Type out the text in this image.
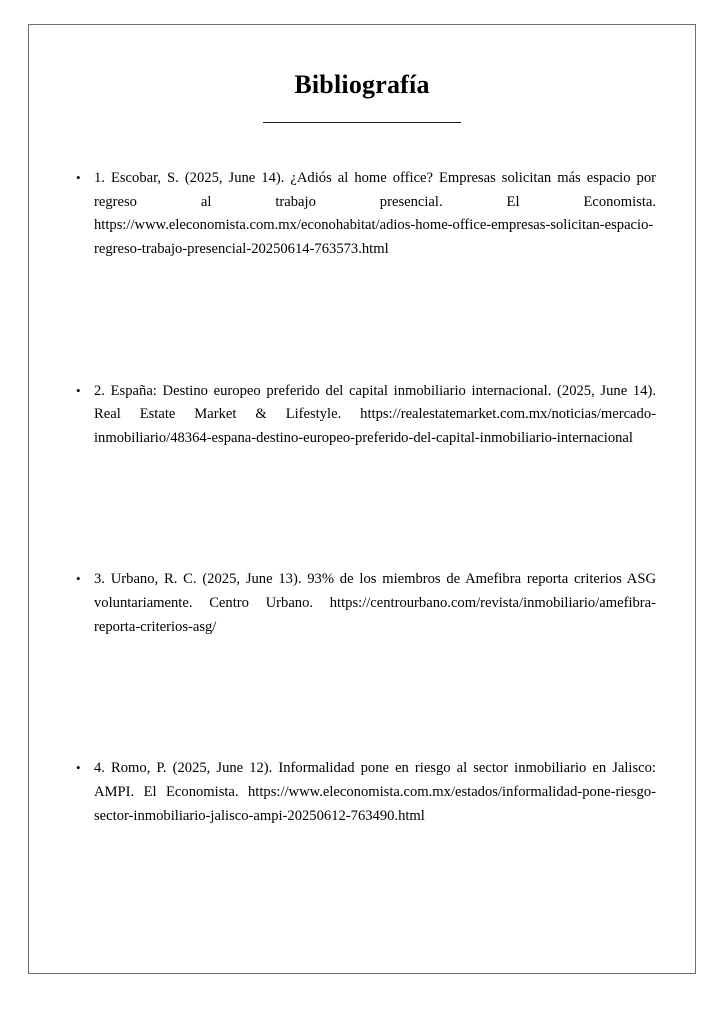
Bibliografía
• 1. Escobar, S. (2025, June 14). ¿Adiós al home office? Empresas solicitan más espacio por regreso al trabajo presencial. El Economista. https://www.eleconomista.com.mx/econohabitat/adios-home-office-empresas-solicitan-espacio-regreso-trabajo-presencial-20250614-763573.html
• 2. España: Destino europeo preferido del capital inmobiliario internacional. (2025, June 14). Real Estate Market & Lifestyle. https://realestatemarket.com.mx/noticias/mercado-inmobiliario/48364-espana-destino-europeo-preferido-del-capital-inmobiliario-internacional
• 3. Urbano, R. C. (2025, June 13). 93% de los miembros de Amefibra reporta criterios ASG voluntariamente. Centro Urbano. https://centrourbano.com/revista/inmobiliario/amefibra-reporta-criterios-asg/
• 4. Romo, P. (2025, June 12). Informalidad pone en riesgo al sector inmobiliario en Jalisco: AMPI. El Economista. https://www.eleconomista.com.mx/estados/informalidad-pone-riesgo-sector-inmobiliario-jalisco-ampi-20250612-763490.html
